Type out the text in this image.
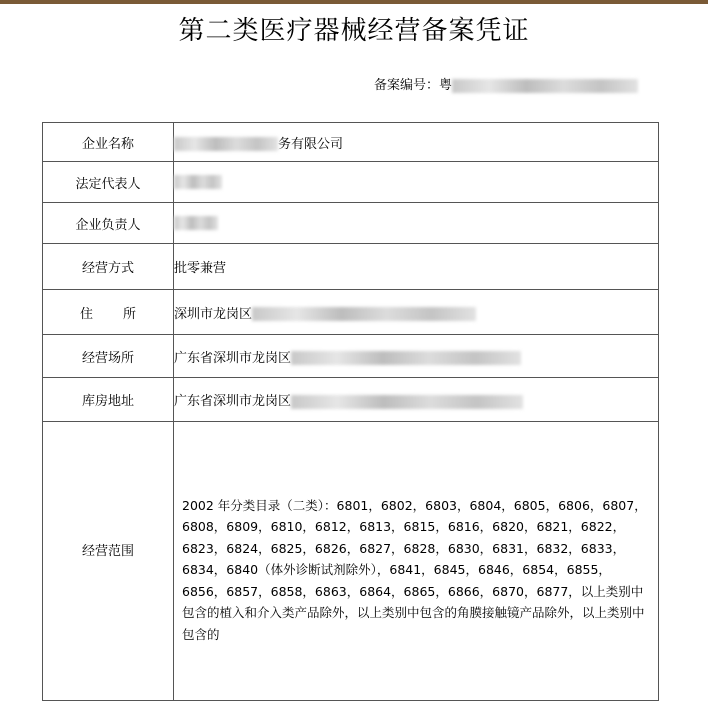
第二类医疗器械经营备案凭证
备案编号：粤
企业名称	务有限公司
法定代表人	
企业负责人	
经营方式	批零兼营
住所	深圳市龙岗区
经营场所	广东省深圳市龙岗区
库房地址	广东省深圳市龙岗区
经营范围	2002 年分类目录（二类）：6801，6802，6803，6804，6805，6806，6807，6808，6809，6810，6812，6813，6815，6816，6820，6821，6822，6823，6824，6825，6826，6827，6828，6830，6831，6832，6833，6834，6840（体外诊断试剂除外），6841，6845，6846，6854，6855，6856，6857，6858，6863，6864，6865，6866，6870，6877，以上类别中包含的植入和介入类产品除外，以上类别中包含的角膜接触镜产品除外，以上类别中包含的
